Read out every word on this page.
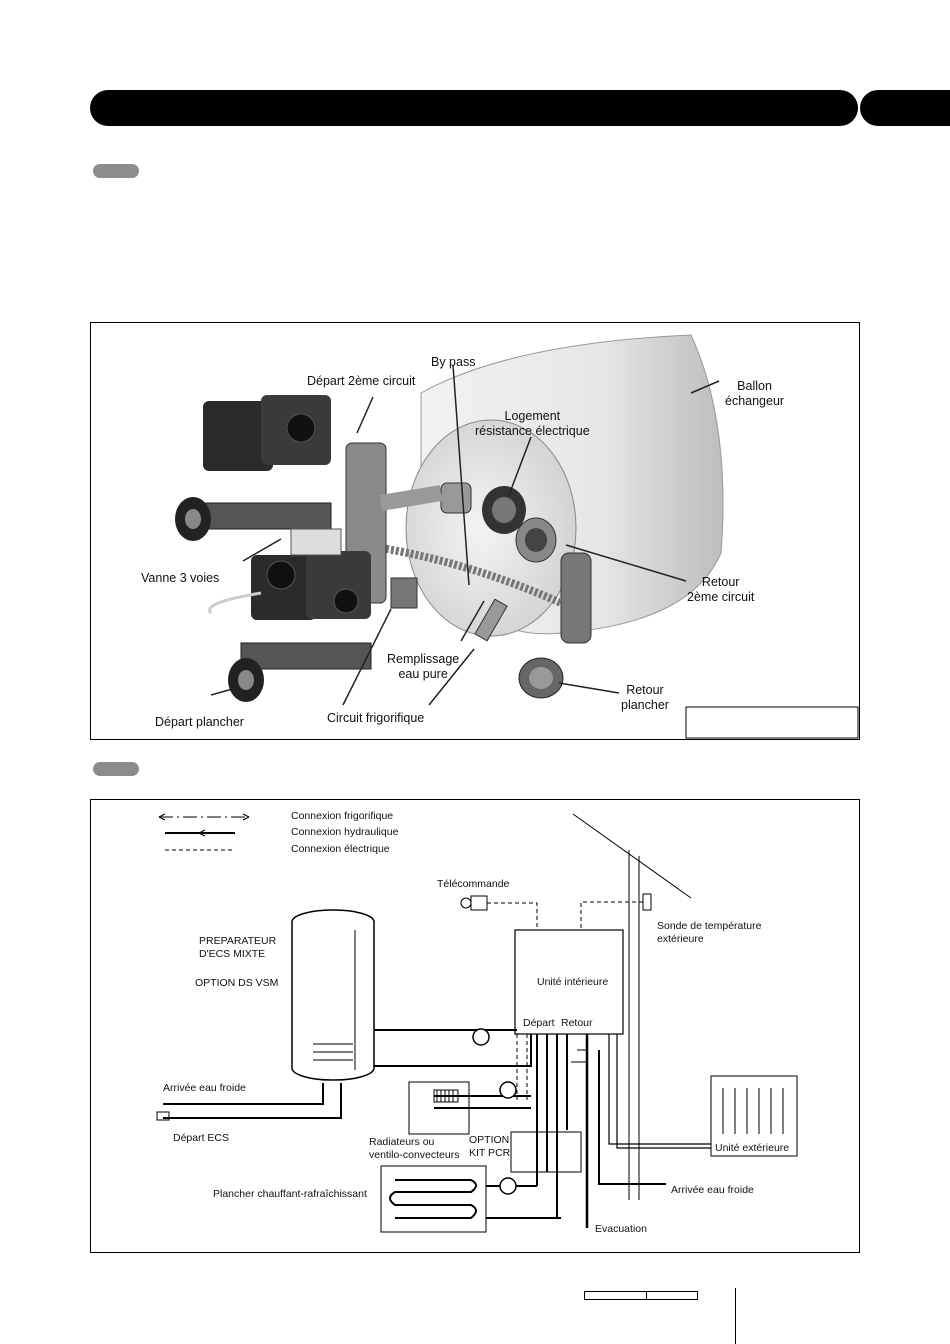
By pass
Départ 2ème circuit	Ballon
échangeur
Logement
résistance électrique
Vanne 3 voies	Retour
2ème circuit
Remplissage
eau pure
Retour
plancher
Départ plancher	Circuit frigorifique
Connexion frigorifique
Connexion hydraulique
Connexion électrique
Télécommande
Sonde de température
extérieure
PREPARATEUR
D'ECS MIXTE
OPTION DS VSM	Unité intérieure
Départ Retour
Arrivée eau froide
Départ ECS	Radiateurs ou
ventilo-convecteurs
OPTION
KIT PCR
Plancher chauffant-rafraîchissant
Unité extérieure
Arrivée eau froide
Evacuation
